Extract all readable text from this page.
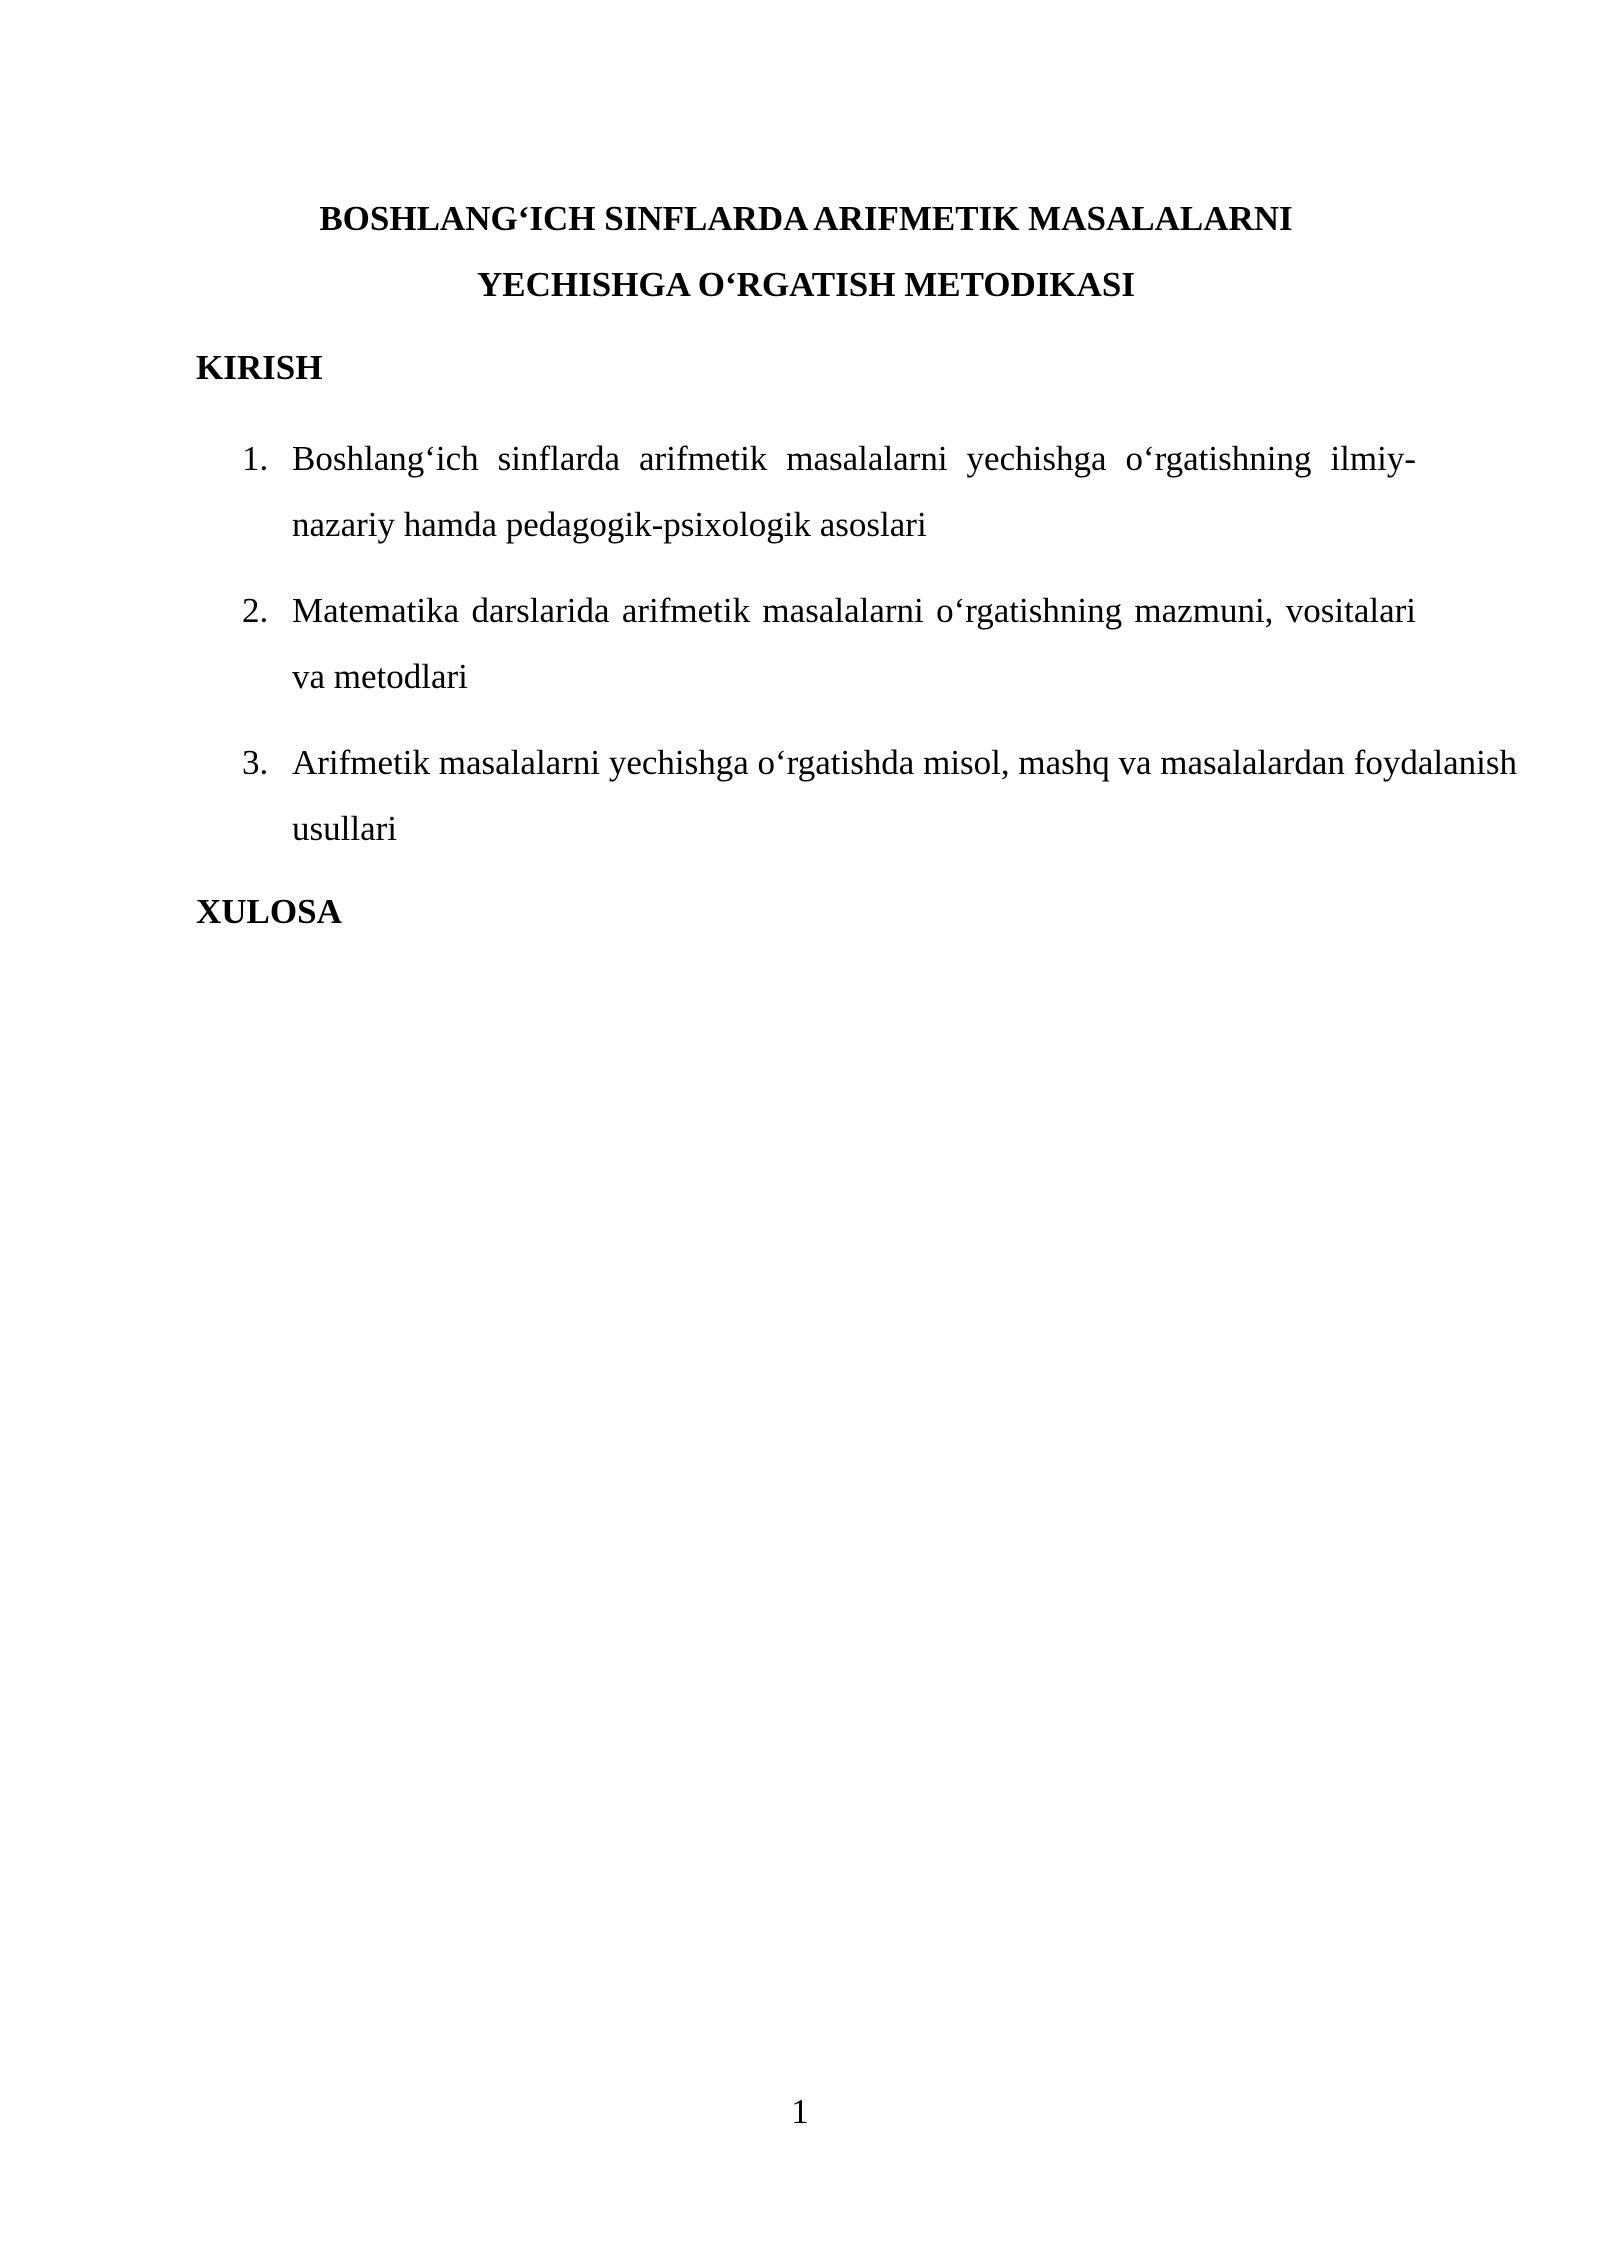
BOSHLANG‘ICH SINFLARDA ARIFMETIK MASALALARNI
YECHISHGA O‘RGATISH METODIKASI
KIRISH
1. Boshlang‘ich sinflarda arifmetik masalalarni yechishga o‘rgatishning ilmiy-nazariy hamda pedagogik-psixologik asoslari
2. Matematika darslarida arifmetik masalalarni o‘rgatishning mazmuni, vositalari va metodlari
3. Arifmetik masalalarni yechishga o‘rgatishda misol, mashq va masalalardan foydalanish usullari
XULOSA
1
